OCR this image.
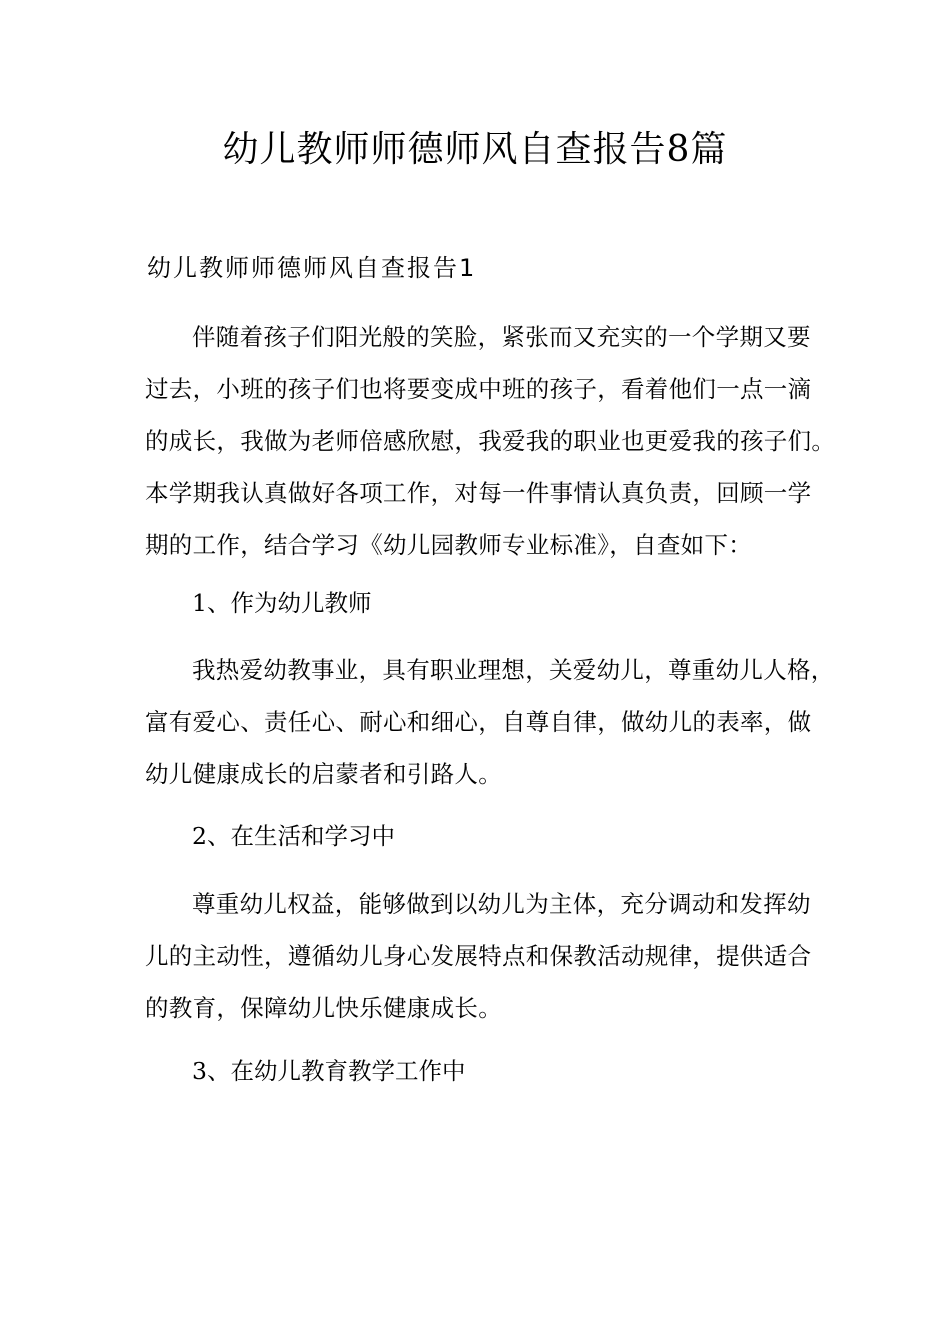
幼儿教师师德师风自查报告8篇
幼儿教师师德师风自查报告1

伴随着孩子们阳光般的笑脸，紧张而又充实的一个学期又要
过去，小班的孩子们也将要变成中班的孩子，看着他们一点一滴
的成长，我做为老师倍感欣慰，我爱我的职业也更爱我的孩子们。
本学期我认真做好各项工作，对每一件事情认真负责，回顾一学
期的工作，结合学习《幼儿园教师专业标准》，自查如下：

1、作为幼儿教师

我热爱幼教事业，具有职业理想，关爱幼儿，尊重幼儿人格，
富有爱心、责任心、耐心和细心，自尊自律，做幼儿的表率，做
幼儿健康成长的启蒙者和引路人。

2、在生活和学习中

尊重幼儿权益，能够做到以幼儿为主体，充分调动和发挥幼
儿的主动性，遵循幼儿身心发展特点和保教活动规律，提供适合
的教育，保障幼儿快乐健康成长。

3、在幼儿教育教学工作中
